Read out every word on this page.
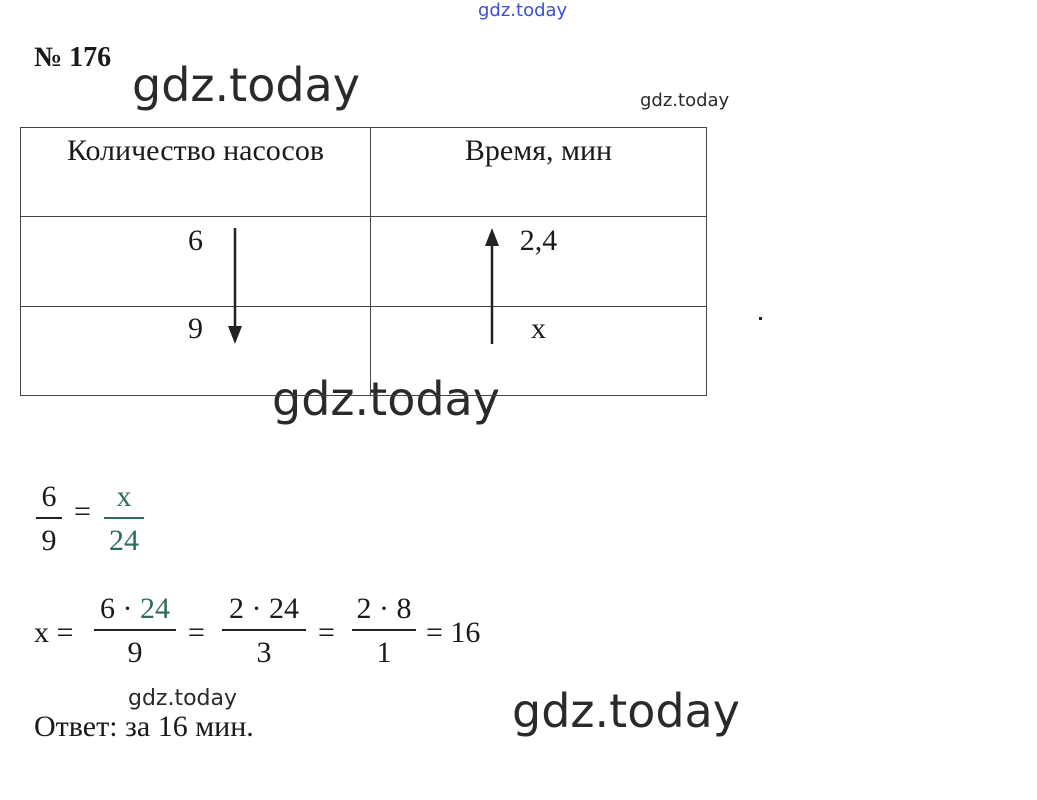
gdz.today
gdz.today	gdz.today
gdz.today
gdz.today	gdz.today
№ 176
Количество насосов	Время, мин
6	2,4
9	x
6
9
= x
24
x =
6 · 24
9
=
2 · 24
3
=
2 · 8
1
= 16
Ответ: за 16 мин.
